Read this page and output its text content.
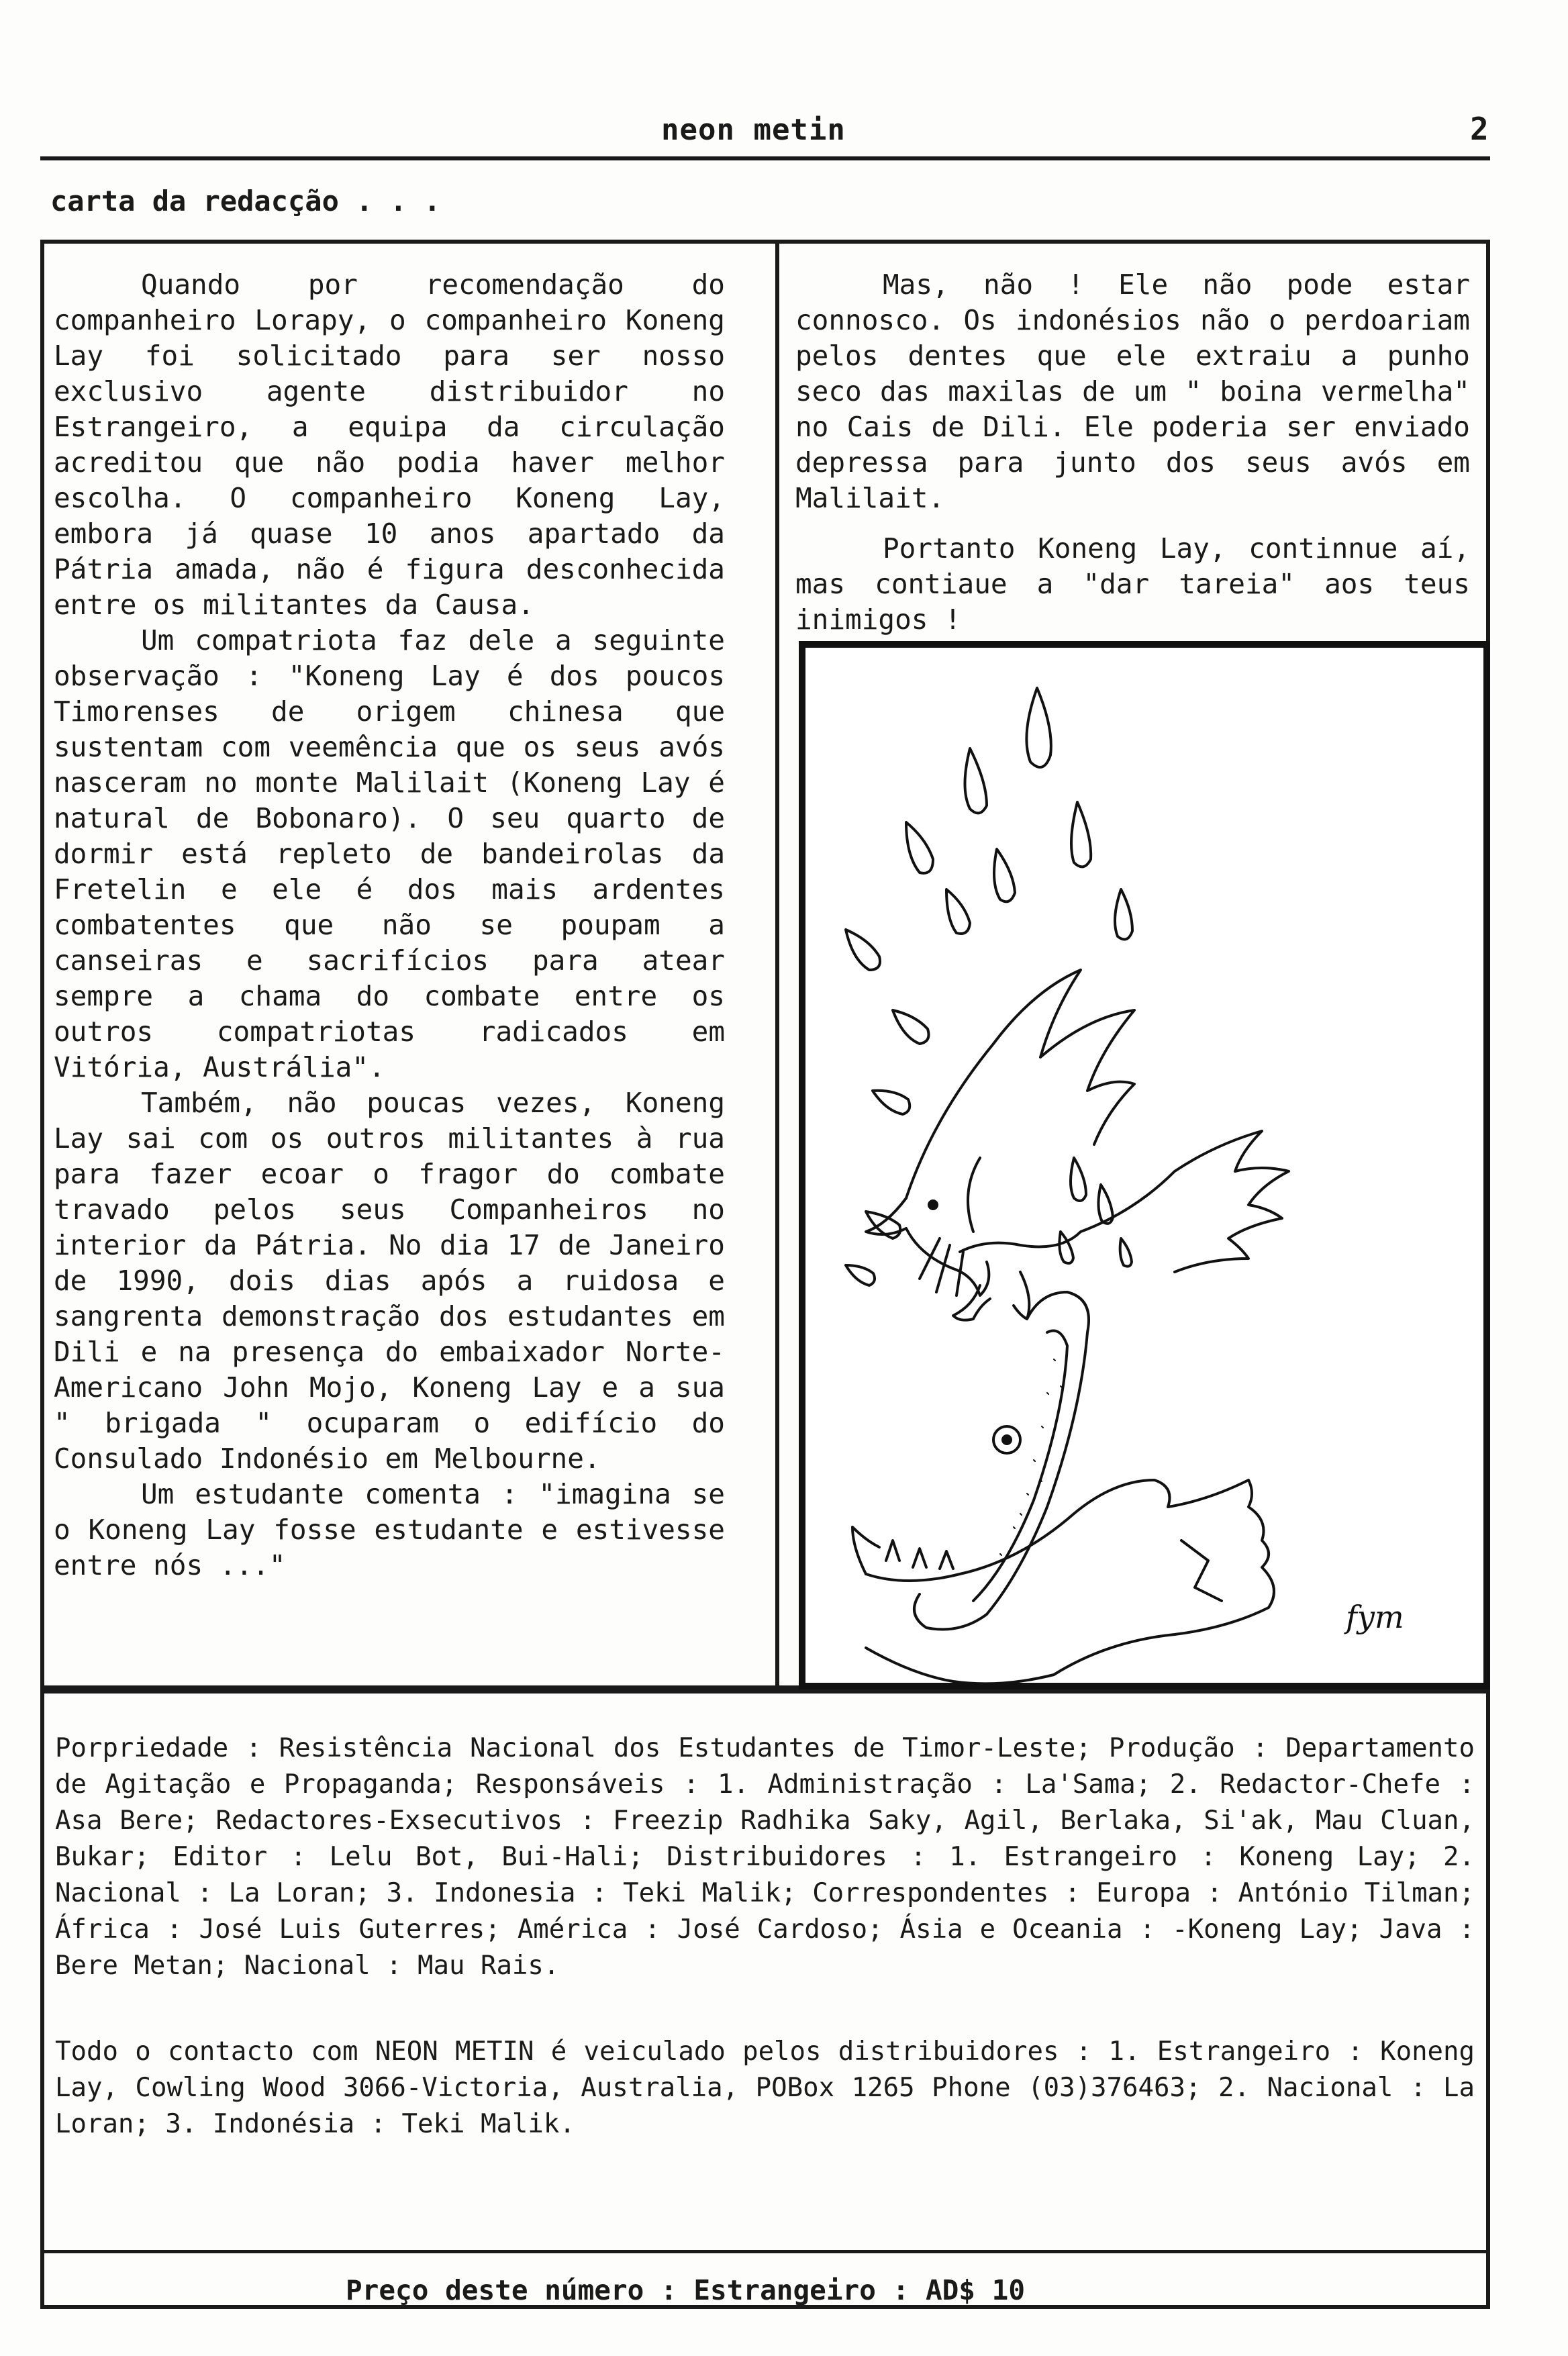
neon metin	2
carta da redacção . . .

Quando por recomendação do companheiro Lorapy, o companheiro Koneng Lay foi solicitado para ser nosso exclusivo agente distribuidor no Estrangeiro, a equipa da circulação acreditou que não podia haver melhor escolha. O companheiro Koneng Lay, embora já quase 10 anos apartado da Pátria amada, não é figura desconhecida entre os militantes da Causa.

Um compatriota faz dele a seguinte observação : "Koneng Lay é dos poucos Timorenses de origem chinesa que sustentam com veemência que os seus avós nasceram no monte Malilait (Koneng Lay é natural de Bobonaro). O seu quarto de dormir está repleto de bandeirolas da Fretelin e ele é dos mais ardentes combatentes que não se poupam a canseiras e sacrifícios para atear sempre a chama do combate entre os outros compatriotas radicados em Vitória, Austrália".

Também, não poucas vezes, Koneng Lay sai com os outros militantes à rua para fazer ecoar o fragor do combate travado pelos seus Companheiros no interior da Pátria. No dia 17 de Janeiro de 1990, dois dias após a ruidosa e sangrenta demonstração dos estudantes em Dili e na presença do embaixador Norte-Americano John Mojo, Koneng Lay e a sua " brigada " ocuparam o edifício do Consulado Indonésio em Melbourne.

Um estudante comenta : "imagina se o Koneng Lay fosse estudante e estivesse entre nós ..."

Mas, não ! Ele não pode estar connosco. Os indonésios não o perdoariam pelos dentes que ele extraiu a punho seco das maxilas de um " boina vermelha" no Cais de Dili. Ele poderia ser enviado depressa para junto dos seus avós em Malilait.

Portanto Koneng Lay, continnue aí, mas contiaue a "dar tareia" aos teus inimigos !

fym
Porpriedade : Resistência Nacional dos Estudantes de Timor-Leste; Produção : Departamento de Agitação e Propaganda; Responsáveis : 1. Administração : La'Sama; 2. Redactor-Chefe : Asa Bere; Redactores-Exsecutivos : Freezip Radhika Saky, Agil, Berlaka, Si'ak, Mau Cluan, Bukar; Editor : Lelu Bot, Bui-Hali; Distribuidores : 1. Estrangeiro : Koneng Lay; 2. Nacional : La Loran; 3. Indonesia : Teki Malik; Correspondentes : Europa : António Tilman; África : José Luis Guterres; América : José Cardoso; Ásia e Oceania : -Koneng Lay; Java : Bere Metan; Nacional : Mau Rais.
Todo o contacto com NEON METIN é veiculado pelos distribuidores : 1. Estrangeiro : Koneng Lay, Cowling Wood 3066-Victoria, Australia, POBox 1265 Phone (03)376463; 2. Nacional : La Loran; 3. Indonésia : Teki Malik.
Preço deste número : Estrangeiro : AD$ 10
